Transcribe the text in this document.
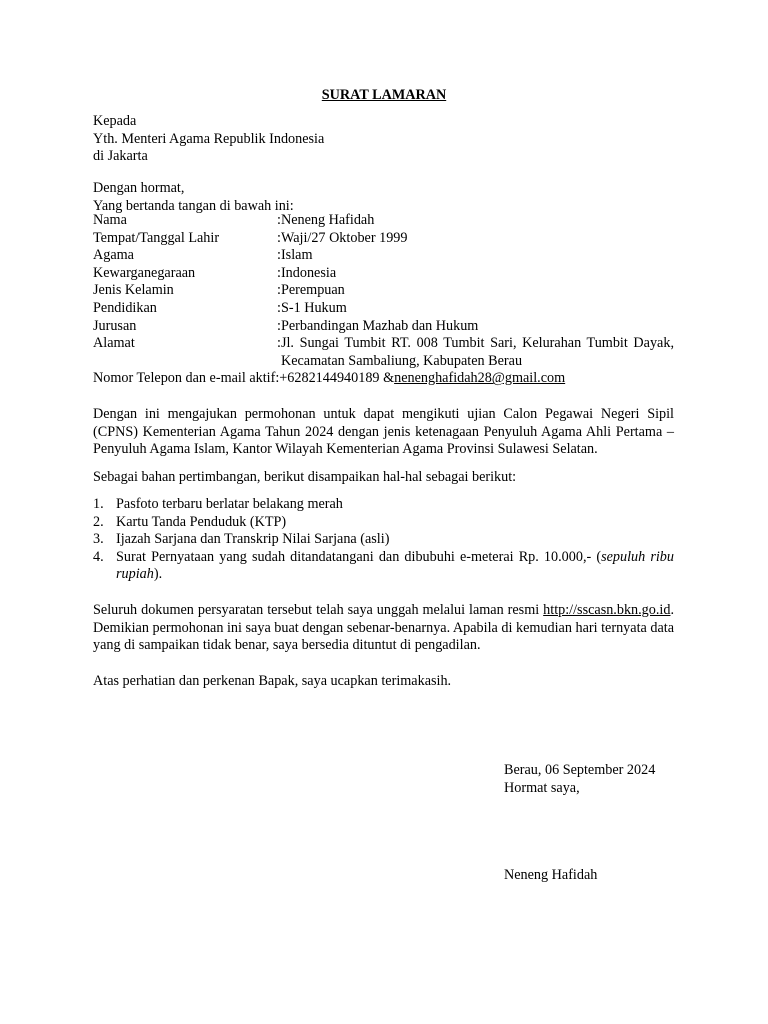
SURAT LAMARAN

Kepada

Yth. Menteri Agama Republik Indonesia

di Jakarta

Dengan hormat,

Yang bertanda tangan di bawah ini:

Nama	: Neneng Hafidah
Tempat/Tanggal Lahir	: Waji/27 Oktober 1999
Agama	: Islam
Kewarganegaraan	: Indonesia
Jenis Kelamin	: Perempuan
Pendidikan	: S-1 Hukum
Jurusan	: Perbandingan Mazhab dan Hukum
Alamat	: Jl. Sungai Tumbit RT. 008 Tumbit Sari, Kelurahan Tumbit Dayak, Kecamatan Sambaliung, Kabupaten Berau
Nomor Telepon dan e-mail aktif : +6282144940189 & nenenghafidah28@gmail.com

Dengan ini mengajukan permohonan untuk dapat mengikuti ujian Calon Pegawai Negeri Sipil (CPNS) Kementerian Agama Tahun 2024 dengan jenis ketenagaan Penyuluh Agama Ahli Pertama – Penyuluh Agama Islam, Kantor Wilayah Kementerian Agama Provinsi Sulawesi Selatan.

Sebagai bahan pertimbangan, berikut disampaikan hal-hal sebagai berikut:

1. Pasfoto terbaru berlatar belakang merah
2. Kartu Tanda Penduduk (KTP)
3. Ijazah Sarjana dan Transkrip Nilai Sarjana (asli)
4. Surat Pernyataan yang sudah ditandatangani dan dibubuhi e-meterai Rp. 10.000,- (sepuluh ribu rupiah).

Seluruh dokumen persyaratan tersebut telah saya unggah melalui laman resmi http://sscasn.bkn.go.id. Demikian permohonan ini saya buat dengan sebenar-benarnya. Apabila di kemudian hari ternyata data yang di sampaikan tidak benar, saya bersedia dituntut di pengadilan.

Atas perhatian dan perkenan Bapak, saya ucapkan terimakasih.

Berau, 06 September 2024
Hormat saya,
Neneng Hafidah
